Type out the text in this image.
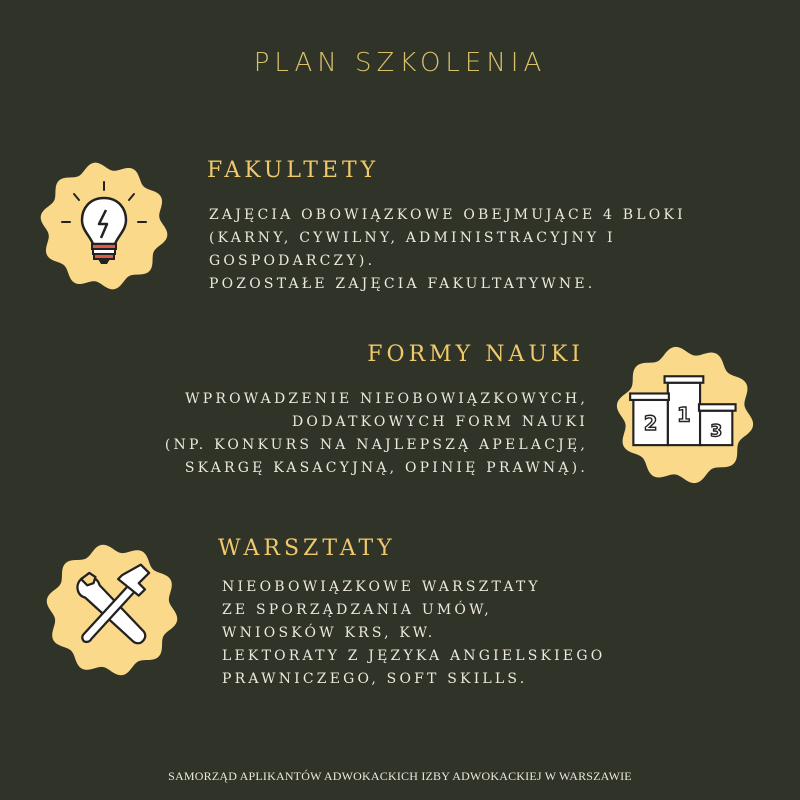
PLAN SZKOLENIA
FAKULTETY
ZAJĘCIA OBOWIĄZKOWE OBEJMUJĄCE 4 BLOKI
(KARNY, CYWILNY, ADMINISTRACYJNY I
GOSPODARCZY).
POZOSTAŁE ZAJĘCIA FAKULTATYWNE.
FORMY NAUKI
WPROWADZENIE NIEOBOWIĄZKOWYCH,
DODATKOWYCH FORM NAUKI
(NP. KONKURS NA NAJLEPSZĄ APELACJĘ,
SKARGĘ KASACYJNĄ, OPINIĘ PRAWNĄ).
2 1
3
WARSZTATY
NIEOBOWIĄZKOWE WARSZTATY
ZE SPORZĄDZANIA UMÓW,
WNIOSKÓW KRS, KW.
LEKTORATY Z JĘZYKA ANGIELSKIEGO
PRAWNICZEGO, SOFT SKILLS.
SAMORZĄD APLIKANTÓW ADWOKACKICH IZBY ADWOKACKIEJ W WARSZAWIE
